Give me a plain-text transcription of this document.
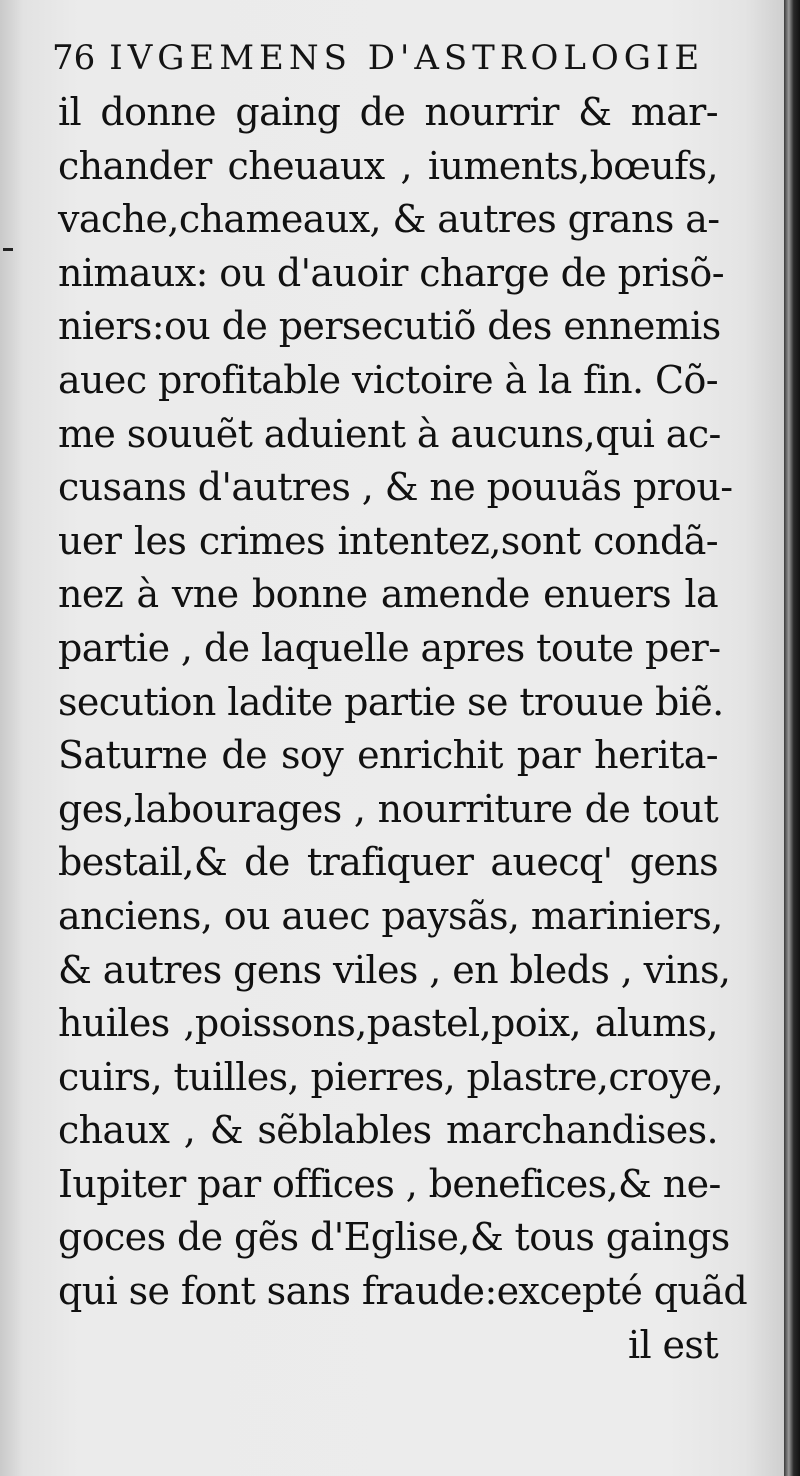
76 IVGEMENS D'ASTROLOGIE
il donne gaing de nourrir & mar-
chander cheuaux , iuments,bœufs,
vache,chameaux, & autres grans a-
nimaux: ou d'auoir charge de prisõ-
niers:ou de persecutiõ des ennemis
auec profitable victoire à la fin. Cõ-
me souuẽt aduient à aucuns,qui ac-
cusans d'autres , & ne pouuãs prou-
uer les crimes intentez,sont condã-
nez à vne bonne amende enuers la
partie , de laquelle apres toute per-
secution ladite partie se trouue biẽ.
Saturne de soy enrichit par herita-
ges,labourages , nourriture de tout
bestail,& de trafiquer auecq' gens
anciens, ou auec paysãs, mariniers,
& autres gens viles , en bleds , vins,
huiles ,poissons,pastel,poix, alums,
cuirs, tuilles, pierres, plastre,croye,
chaux , & sẽblables marchandises.
Iupiter par offices , benefices,& ne-
goces de gẽs d'Eglise,& tous gaings
qui se font sans fraude:excepté quãd
il est
